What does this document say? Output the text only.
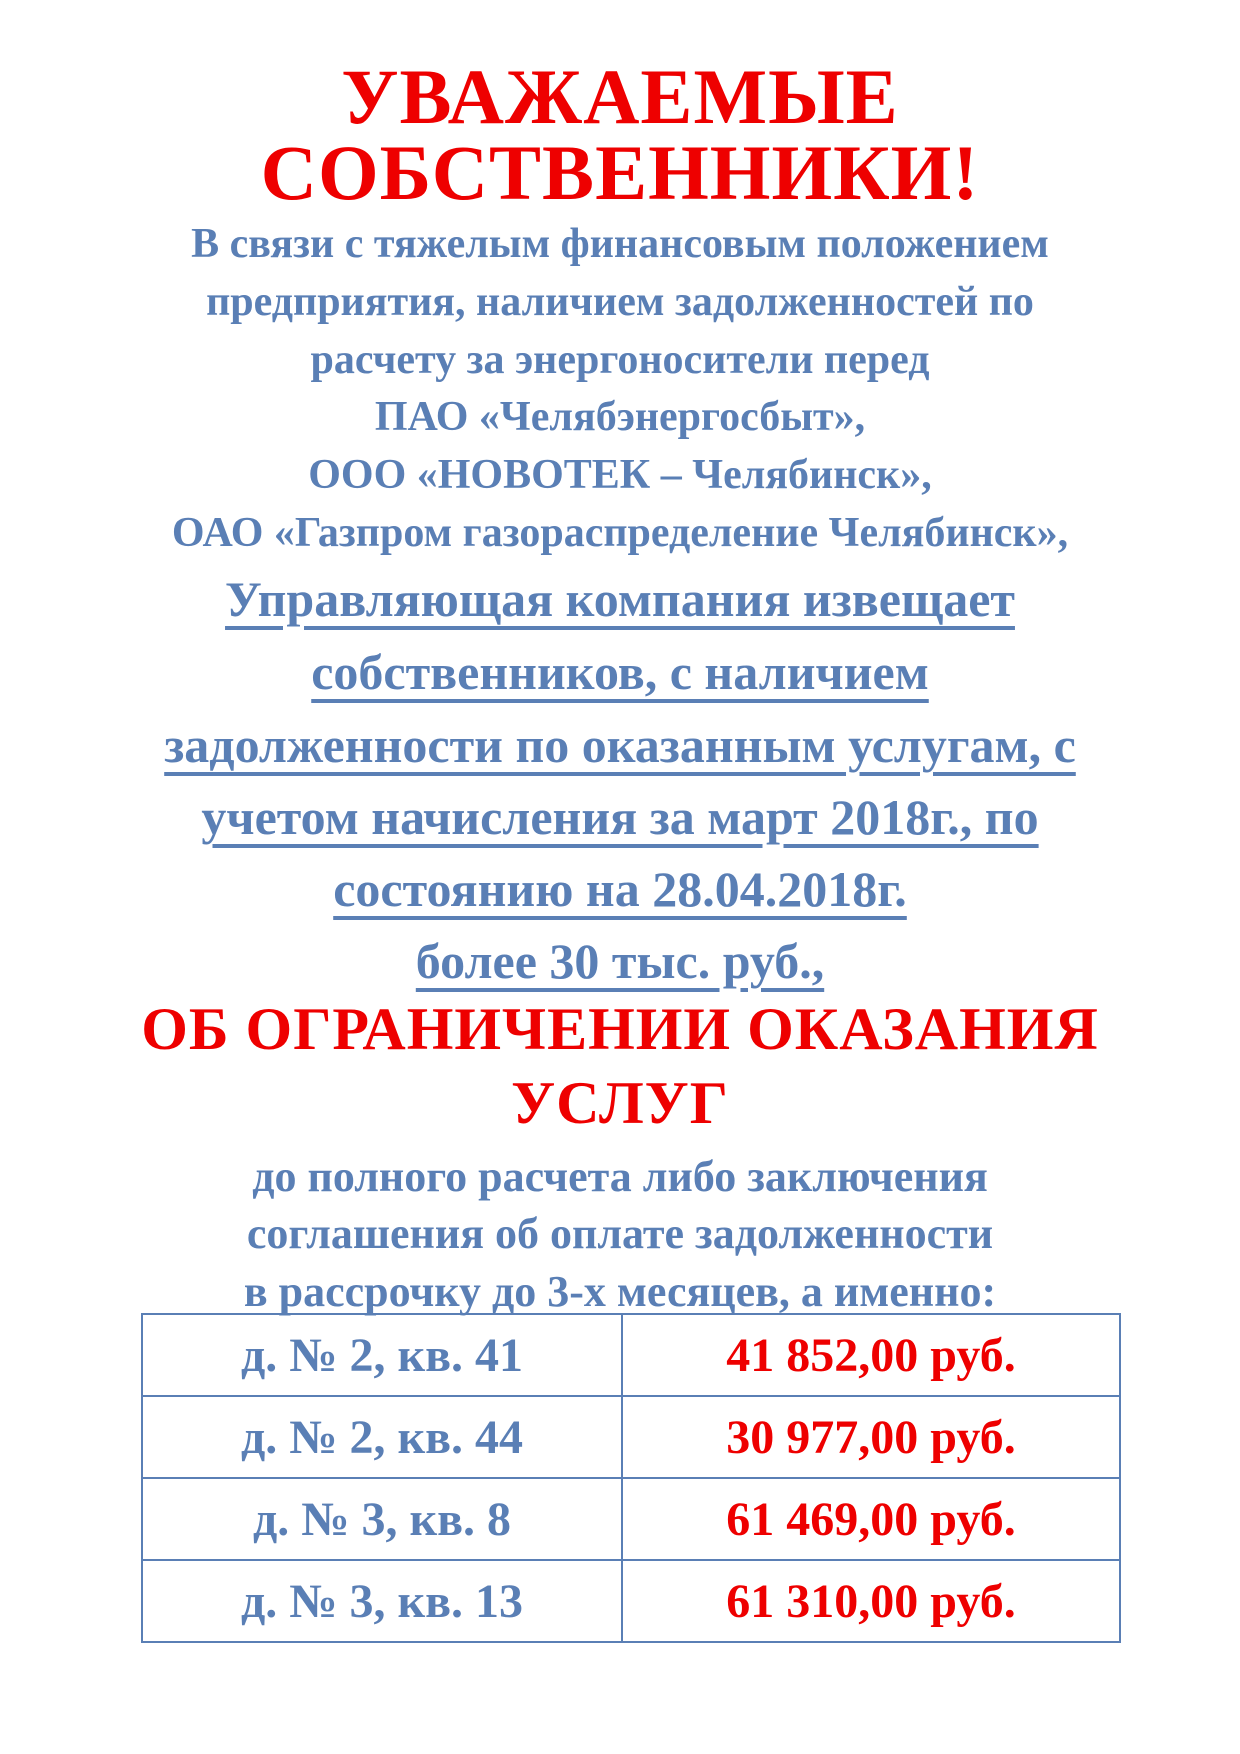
УВАЖАЕМЫЕ
СОБСТВЕННИКИ!
В связи с тяжелым финансовым положением
предприятия, наличием задолженностей по
расчету за энергоносители перед
ПАО «Челябэнергосбыт»,
ООО «НОВОТЕК – Челябинск»,
ОАО «Газпром газораспределение Челябинск»,
Управляющая компания извещает
собственников, с наличием
задолженности по оказанным услугам, с
учетом начисления за март 2018г., по
состоянию на 28.04.2018г.
более 30 тыс. руб.,
ОБ ОГРАНИЧЕНИИ ОКАЗАНИЯ
УСЛУГ
до полного расчета либо заключения
соглашения об оплате задолженности
в рассрочку до 3-х месяцев, а именно:
д. № 2, кв. 41	41 852,00 руб.
д. № 2, кв. 44	30 977,00 руб.
д. № 3, кв. 8	61 469,00 руб.
д. № 3, кв. 13	61 310,00 руб.
